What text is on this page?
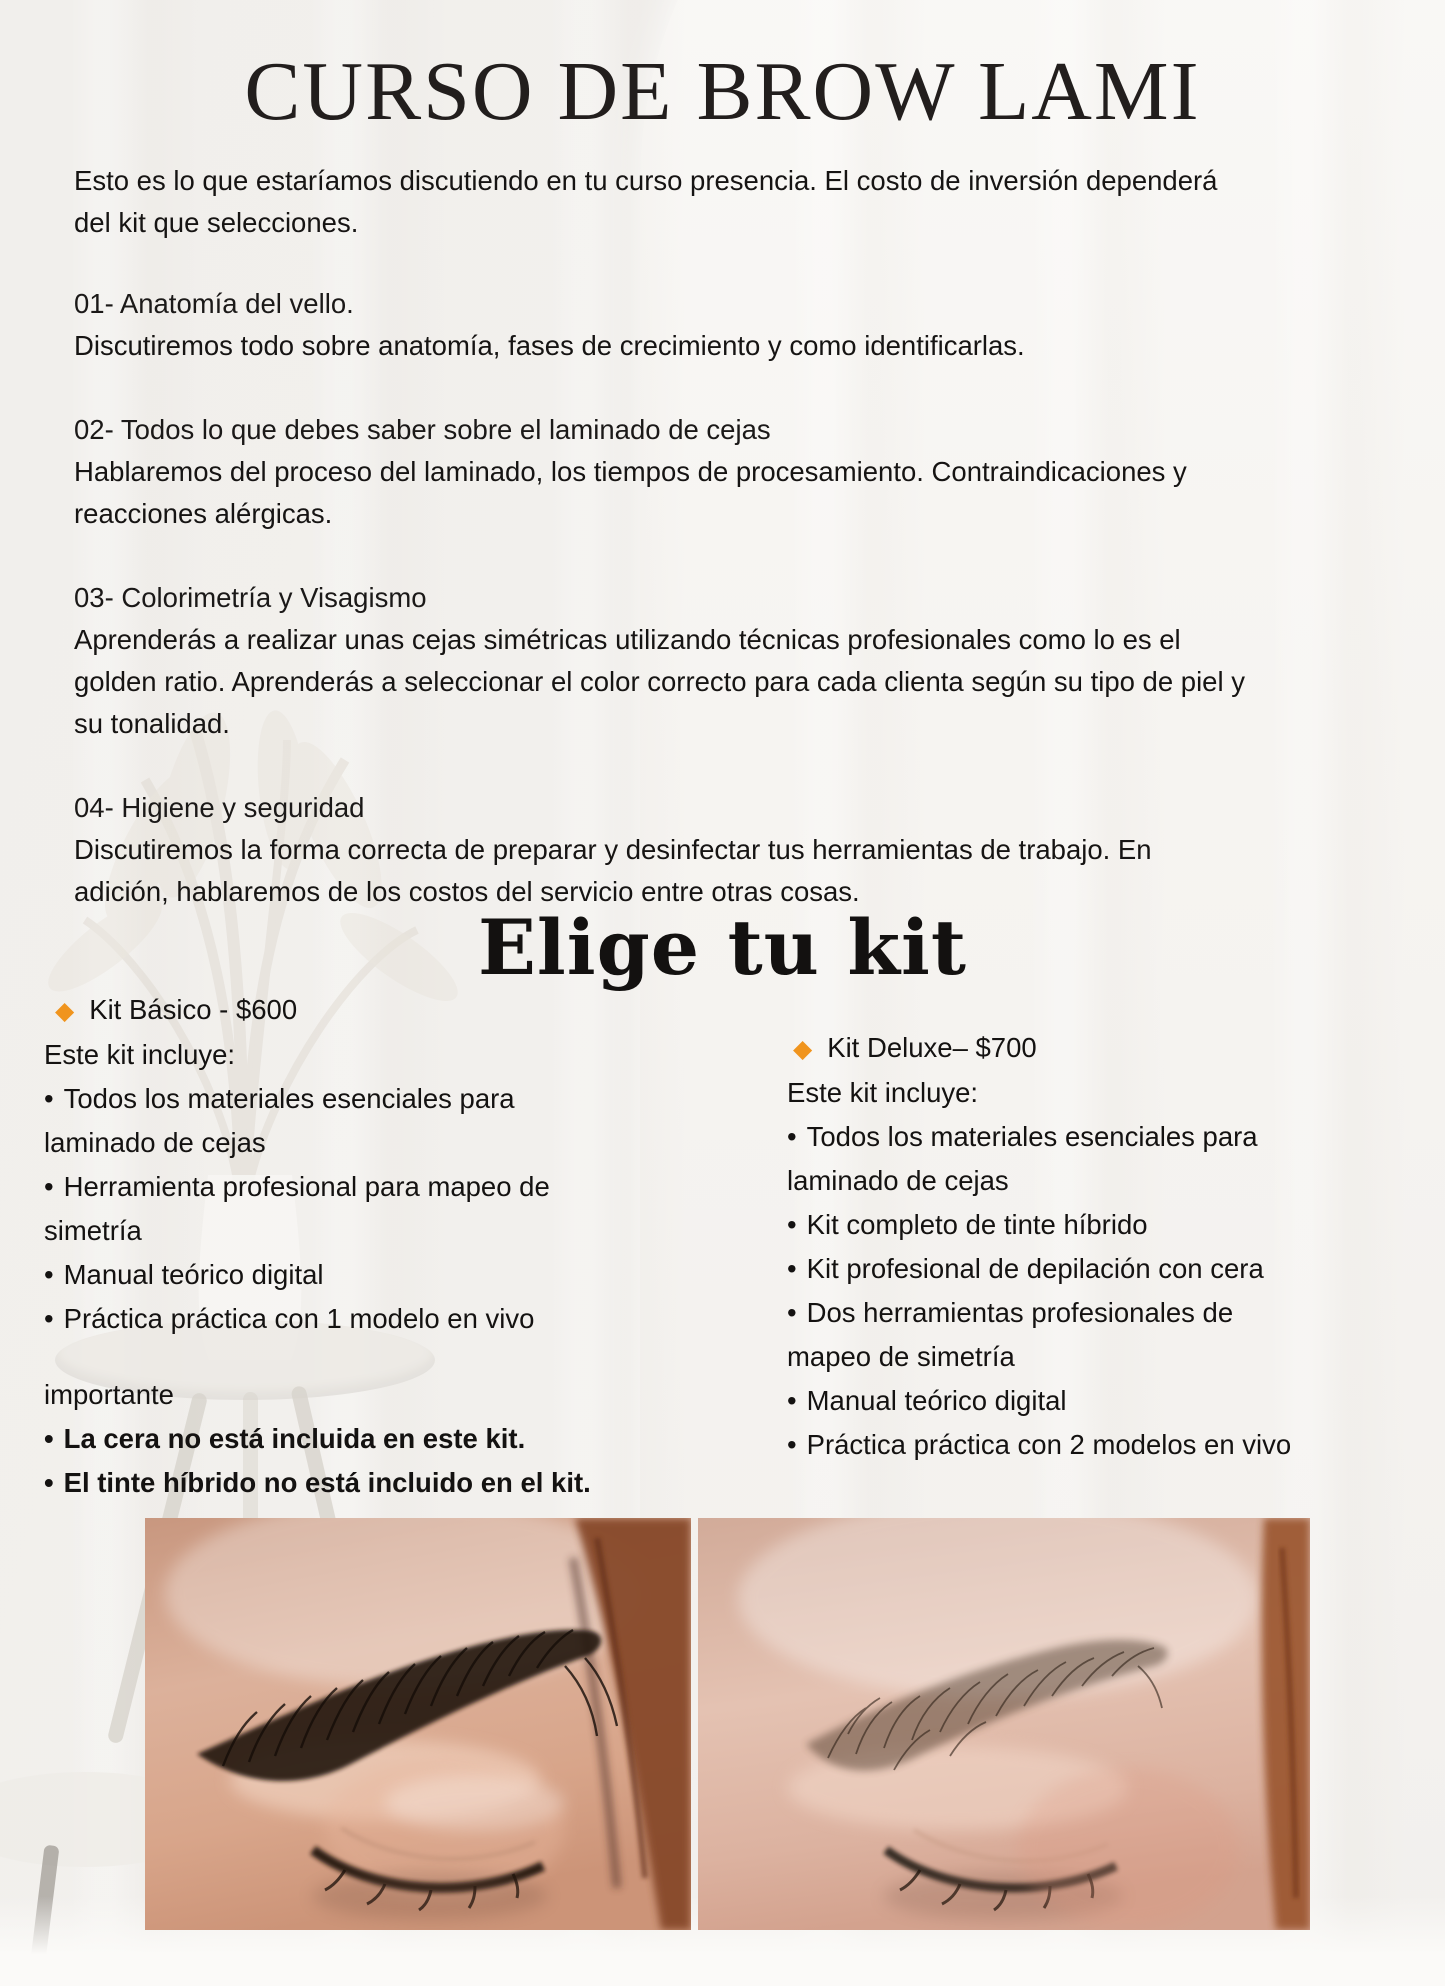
CURSO DE BROW LAMI
Esto es lo que estaríamos discutiendo en tu curso presencia. El costo de inversión dependerá
del kit que selecciones.
01- Anatomía del vello.
Discutiremos todo sobre anatomía, fases de crecimiento y como identificarlas.
02- Todos lo que debes saber sobre el laminado de cejas
Hablaremos del proceso del laminado, los tiempos de procesamiento. Contraindicaciones y
reacciones alérgicas.
03- Colorimetría y Visagismo
Aprenderás a realizar unas cejas simétricas utilizando técnicas profesionales como lo es el
golden ratio. Aprenderás a seleccionar el color correcto para cada clienta según su tipo de piel y
su tonalidad.
04- Higiene y seguridad
Discutiremos la forma correcta de preparar y desinfectar tus herramientas de trabajo. En
adición, hablaremos de los costos del servicio entre otras cosas.
Elige tu kit
◆ Kit Básico - $600
Este kit incluye:
• Todos los materiales esenciales para
laminado de cejas
• Herramienta profesional para mapeo de
simetría
• Manual teórico digital
• Práctica práctica con 1 modelo en vivo
importante
• La cera no está incluida en este kit.
• El tinte híbrido no está incluido en el kit.
◆ Kit Deluxe– $700
Este kit incluye:
• Todos los materiales esenciales para
laminado de cejas
• Kit completo de tinte híbrido
• Kit profesional de depilación con cera
• Dos herramientas profesionales de
mapeo de simetría
• Manual teórico digital
• Práctica práctica con 2 modelos en vivo
